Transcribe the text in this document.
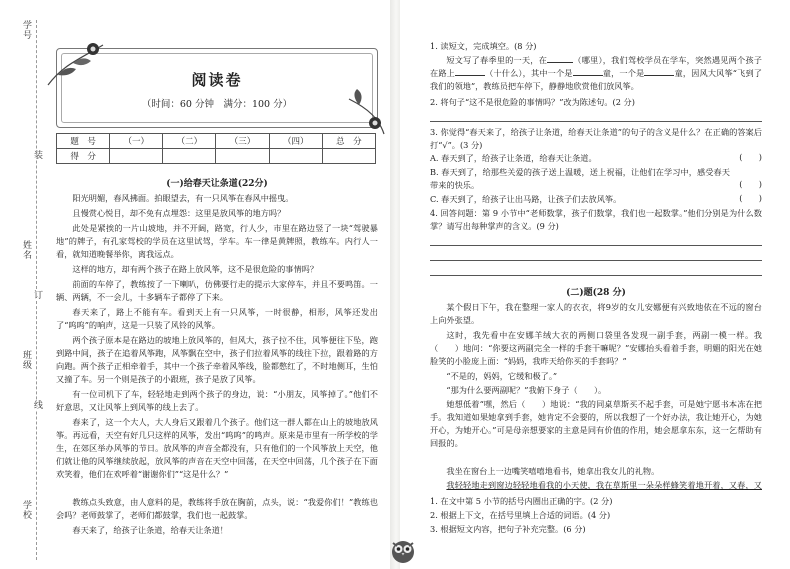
学号
姓名
班级
学校
装
订
线
阅读卷
（时间：60 分钟　满分：100 分）
题　号	（一）	（二）	（三）	（四）	总　分
得　分					
(一)给春天让条道(22分)
阳光明媚，春风拂面。拍眼望去，有一只风筝在春风中摇曳。
且慢赏心悦目，却不免有点埋怨：这里是放风筝的地方吗？
此处是紧挨的一片山坡地，并不开阔，路宽，行人少，市里在路边竖了一块“驾驶暴地”的牌子，有孔家驾校的学员在这里试驾，学车。车一律是黄牌照，教练车。内行人一看，就知道晚餐举你，离我远点。
这样的地方，却有两个孩子在路上放风筝，这不是很危险的事情吗？
前面的车停了，教练按了一下喇叭，仿佛要行走的提示大家停车，并且不要鸣笛。一辆、两辆，不一会儿，十多辆车子都停了下来。
春天来了，路上不能有车。看到天上有一只风筝，一时很静，相形，风筝还发出了“呜呜”的响声，这是一只装了风铃的风筝。
两个孩子原本是在路边的坡地上放风筝的，但风大，孩子拉不住，风筝便往下坠，跑到路中间，孩子在追着风筝跑，风筝飘在空中，孩子们拉着风筝的线往下拉，跟着路的方向跑。两个孩子正相牵着手，其中一个孩子牵着风筝线，脸都憋红了，不时地侧耳，生怕又撞了车。另一个则是孩子的小跟班，孩子是放了风筝。
有一位司机下了车，轻轻地走到两个孩子的身边，说：“小朋友，风筝掉了。”他们不好意思，又让风筝上到风筝的线上去了。
春来了，这一个大人，大人身后又跟着几个孩子。他们这一群人都在山上的坡地放风筝。再远看，天空有好几只这样的风筝，发出“呜呜”的鸣声。原来是市里有一所学校的学生，在郊区举办风筝的节日。放风筝的声音全都没有，只有他们的一个风筝放上天空，他们就让他的风筝继续放起，放风筝的声音在天空中回荡，在天空中回荡，几个孩子在下面欢笑着，他们在欢呼着“谢谢你们”“这是什么？”
教练点头致意，由人意料的是，教练将手放在胸前，点头，说：“我爱你们！”教练也会吗？老师鼓掌了，老师们都鼓掌，我们也一起鼓掌。
春天来了，给孩子让条道，给春天让条道！
1. 读短文，完成填空。(8 分)
短文写了春季里的一天，在	（哪里），我们驾校学员在学车，突然遇见两个孩子在路上	（十什么），其中一个是	童，一个是	童，因风大风筝“飞到了我们的领地”，教练员把车停下，静静地欣赏他们放风筝。
2. 将句子“这不是很危险的事情吗？”改为陈述句。(2 分)
3. 你觉得“春天来了，给孩子让条道，给春天让条道”的句子的含义是什么？在正确的答案后打“√”。(3 分)
A. 春天到了，给孩子让条道，给春天让条道。	(　　)
B. 春天到了，给那些关爱的孩子送上温暖，送上祝福，让他们在学习中，感受春天带来的快乐。	(　　)
C. 春天到了，给孩子让出马路，让孩子们去放风筝。	(　　)
4. 回答问题：第 9 小节中“老师数掌，孩子们数掌，我们也一起数掌。”他们分别是为什么数掌？请写出每种掌声的含义。(9 分)
(二)题(28 分)
某个假日下午，我在整理一家人的衣衣，将9岁的女儿安娜便有兴致地依在不远的窗台上向外张望。
这时，我先看中在安娜羊绒大衣的两侧口袋里各发现一副手套，两副一模一样。我（　　）地问：“你要这两副完全一样的手套干嘛呢？”安娜抬头看着手套，明媚的阳光在她脸笑的小脸庞上面：“妈妈，我昨天给你买的手套吗？”
“不是的，妈妈，它缓和极了。”
“那为什么要两副呢？”我俯下身子（　　）。
她想低着“嘿，然后（　　）地说：“我的同桌草斯买不起手套，可是她宁愿书本冻在把手。我知道如果她拿到手套，她肯定不会要的，所以我想了一个好办法，我让她开心，为她开心，为她开心。”可是母亲想要家的主意是同有价值的作用，她会愿拿东东，这一乞帮助有回报的。
我坐在窗台上一边嘴笑嘻嘻地看书，她拿出我女儿的礼物。
我轻轻地走到窗边轻轻地看我的小天使，我在草斯里一朵朵样蜂笑着地开着，又春，又
1. 在文中第 5 小节的括号内圈出正确的字。(2 分)
2. 根据上下文，在括号里填上合适的词语。(4 分)
3. 根据短文内容，把句子补充完整。(6 分)
